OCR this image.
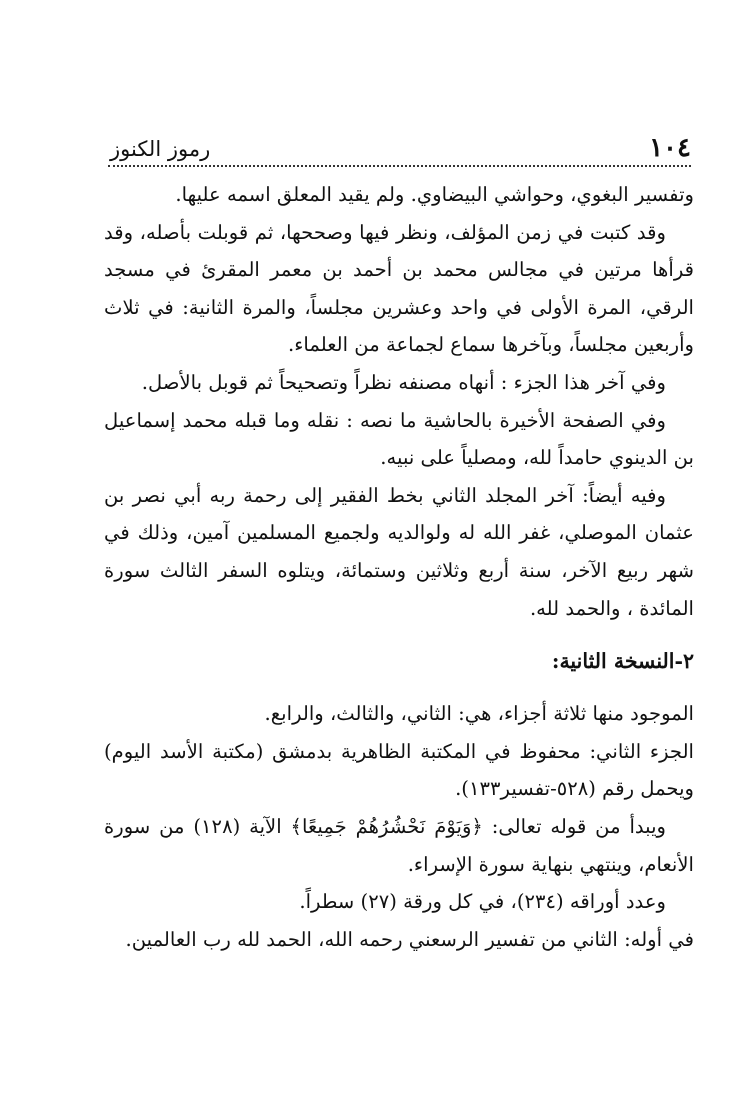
١٠٤
رموز الكنوز

وتفسير البغوي، وحواشي البيضاوي. ولم يقيد المعلق اسمه عليها.

وقد كتبت في زمن المؤلف، ونظر فيها وصححها، ثم قوبلت بأصله، وقد قرأها مرتين في مجالس محمد بن أحمد بن معمر المقرئ في مسجد الرقي، المرة الأولى في واحد وعشرين مجلساً، والمرة الثانية: في ثلاث وأربعين مجلساً، وبآخرها سماع لجماعة من العلماء.

وفي آخر هذا الجزء : أنهاه مصنفه نظراً وتصحيحاً ثم قوبل بالأصل.

وفي الصفحة الأخيرة بالحاشية ما نصه : نقله وما قبله محمد إسماعيل بن الدينوي حامداً لله، ومصلياً على نبيه.

وفيه أيضاً: آخر المجلد الثاني بخط الفقير إلى رحمة ربه أبي نصر بن عثمان الموصلي، غفر الله له ولوالديه ولجميع المسلمين آمين، وذلك في شهر ربيع الآخر، سنة أربع وثلاثين وستمائة، ويتلوه السفر الثالث سورة المائدة ، والحمد لله.

٢-النسخة الثانية:

الموجود منها ثلاثة أجزاء، هي: الثاني، والثالث، والرابع.

الجزء الثاني: محفوظ في المكتبة الظاهرية بدمشق (مكتبة الأسد اليوم) ويحمل رقم (٥٢٨-تفسير١٣٣).

ويبدأ من قوله تعالى: ﴿وَيَوْمَ نَحْشُرُهُمْ جَمِيعًا﴾ الآية (١٢٨) من سورة الأنعام، وينتهي بنهاية سورة الإسراء.

وعدد أوراقه (٢٣٤)، في كل ورقة (٢٧) سطراً.

في أوله: الثاني من تفسير الرسعني رحمه الله، الحمد لله رب العالمين.
